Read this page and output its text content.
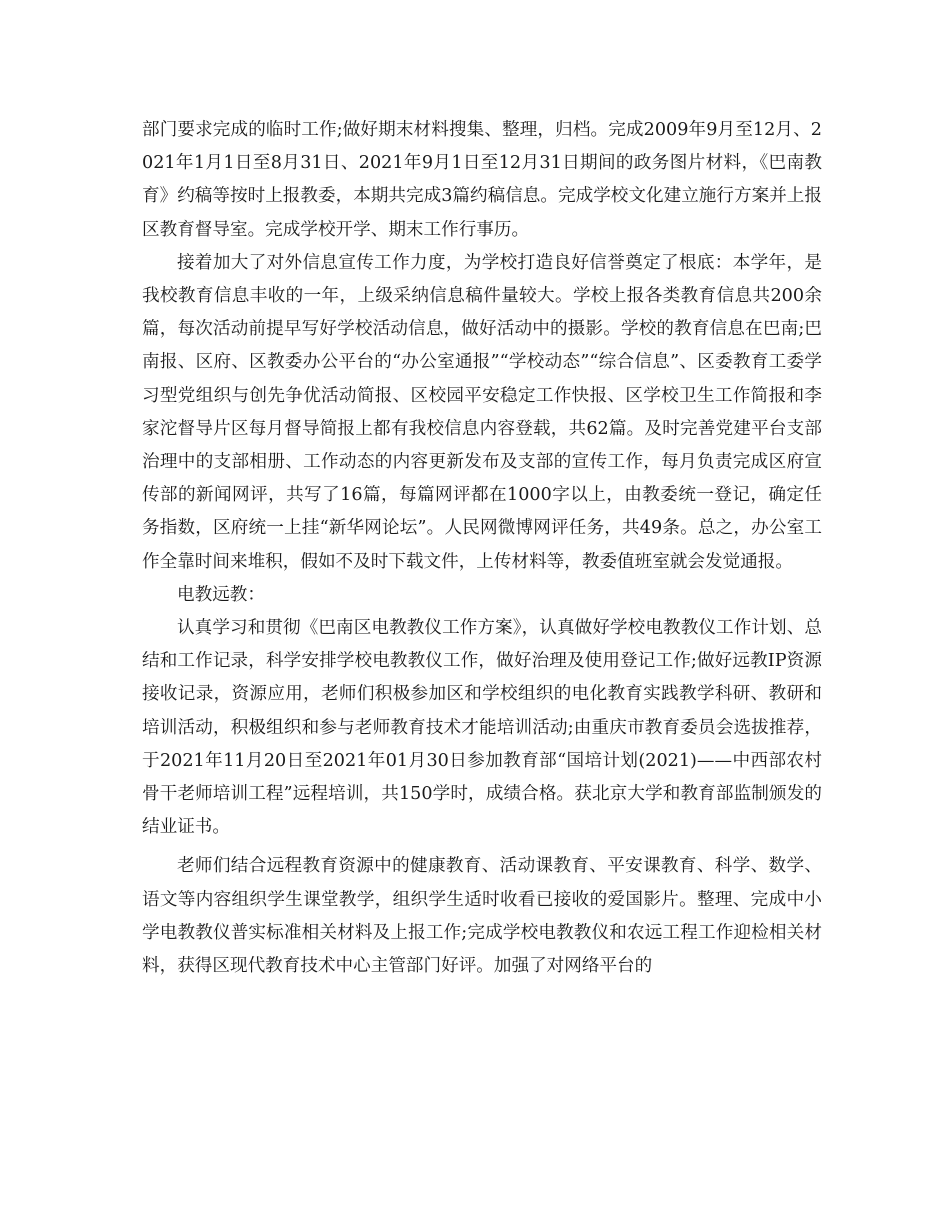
部门要求完成的临时工作;做好期末材料搜集、整理，归档。完成2009年9月至12月、2021年1月1日至8月31日、2021年9月1日至12月31日期间的政务图片材料，《巴南教育》约稿等按时上报教委，本期共完成3篇约稿信息。完成学校文化建立施行方案并上报区教育督导室。完成学校开学、期末工作行事历。

接着加大了对外信息宣传工作力度，为学校打造良好信誉奠定了根底：本学年，是我校教育信息丰收的一年，上级采纳信息稿件量较大。学校上报各类教育信息共200余篇，每次活动前提早写好学校活动信息，做好活动中的摄影。学校的教育信息在巴南;巴南报、区府、区教委办公平台的“办公室通报”“学校动态”“综合信息”、区委教育工委学习型党组织与创先争优活动简报、区校园平安稳定工作快报、区学校卫生工作简报和李家沱督导片区每月督导简报上都有我校信息内容登载，共62篇。及时完善党建平台支部治理中的支部相册、工作动态的内容更新发布及支部的宣传工作，每月负责完成区府宣传部的新闻网评，共写了16篇，每篇网评都在1000字以上，由教委统一登记，确定任务指数，区府统一上挂“新华网论坛”。人民网微博网评任务，共49条。总之，办公室工作全靠时间来堆积，假如不及时下载文件，上传材料等，教委值班室就会发觉通报。

电教远教：

认真学习和贯彻《巴南区电教教仪工作方案》，认真做好学校电教教仪工作计划、总结和工作记录，科学安排学校电教教仪工作，做好治理及使用登记工作;做好远教IP资源接收记录，资源应用，老师们积极参加区和学校组织的电化教育实践教学科研、教研和培训活动，积极组织和参与老师教育技术才能培训活动;由重庆市教育委员会选拔推荐，于2021年11月20日至2021年01月30日参加教育部“国培计划(2021)——中西部农村骨干老师培训工程”远程培训，共150学时，成绩合格。获北京大学和教育部监制颁发的结业证书。

老师们结合远程教育资源中的健康教育、活动课教育、平安课教育、科学、数学、语文等内容组织学生课堂教学，组织学生适时收看已接收的爱国影片。整理、完成中小学电教教仪普实标准相关材料及上报工作;完成学校电教教仪和农远工程工作迎检相关材料，获得区现代教育技术中心主管部门好评。加强了对网络平台的
